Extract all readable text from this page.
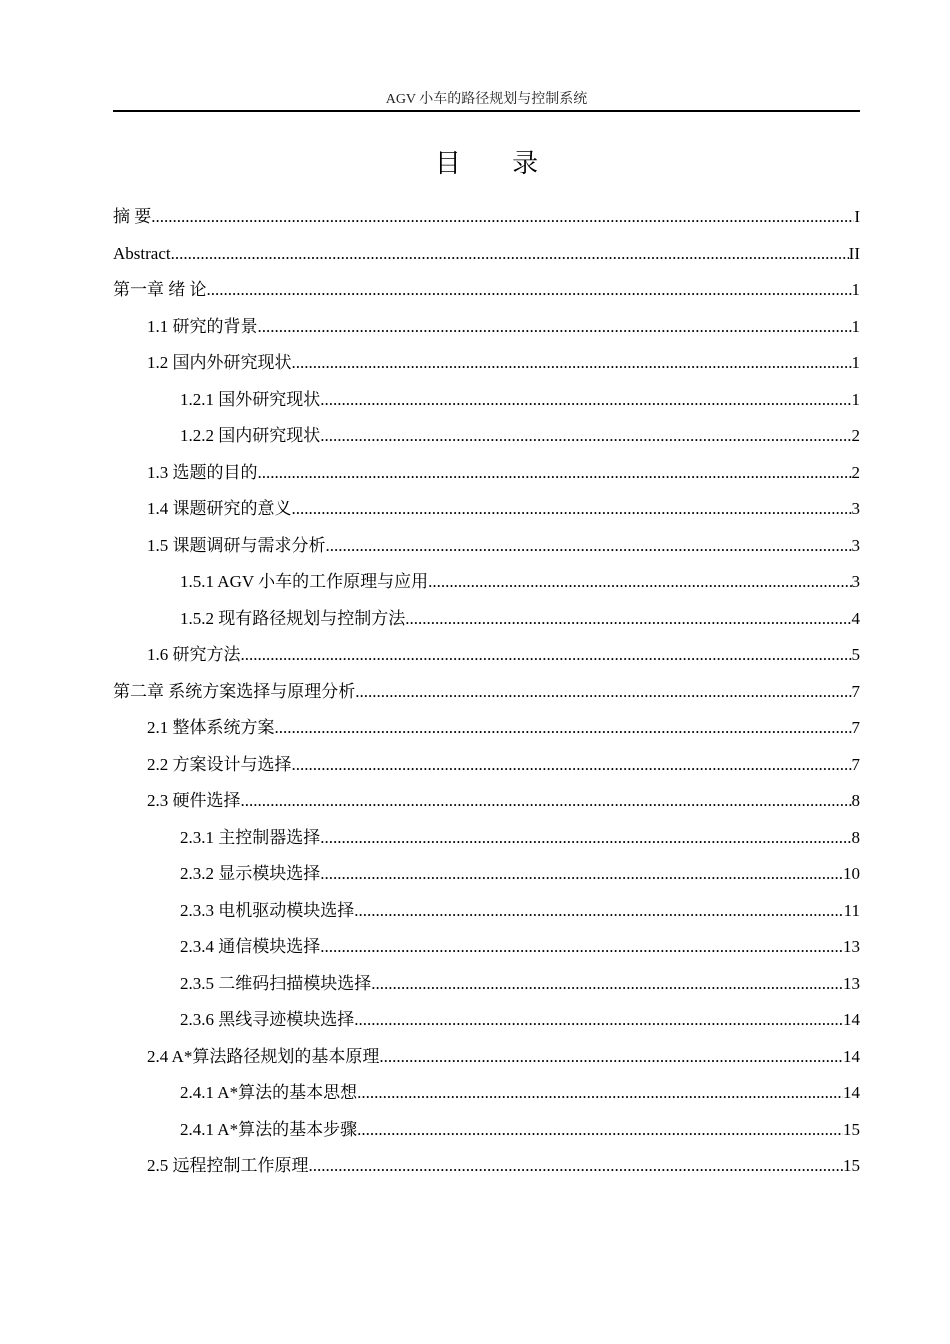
AGV 小车的路径规划与控制系统
目 录
摘 要 .....	I
Abstract .....	II
第一章 绪 论 .....	1
1.1 研究的背景 .....	1
1.2 国内外研究现状 .....	1
1.2.1 国外研究现状 .....	1
1.2.2 国内研究现状 .....	2
1.3 选题的目的 .....	2
1.4 课题研究的意义 .....	3
1.5 课题调研与需求分析 .....	3
1.5.1 AGV 小车的工作原理与应用 .....	3
1.5.2 现有路径规划与控制方法 .....	4
1.6 研究方法 .....	5
第二章 系统方案选择与原理分析 .....	7
2.1 整体系统方案 .....	7
2.2 方案设计与选择 .....	7
2.3 硬件选择 .....	8
2.3.1 主控制器选择 .....	8
2.3.2 显示模块选择 .....	10
2.3.3 电机驱动模块选择 .....	11
2.3.4 通信模块选择 .....	13
2.3.5 二维码扫描模块选择 .....	13
2.3.6 黑线寻迹模块选择 .....	14
2.4 A*算法路径规划的基本原理 .....	14
2.4.1 A*算法的基本思想 .....	14
2.4.1 A*算法的基本步骤 .....	15
2.5 远程控制工作原理 .....	15
